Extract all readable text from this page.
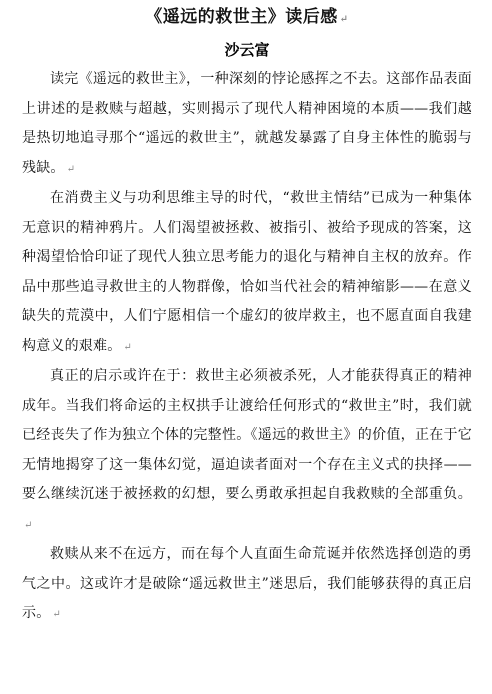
《遥远的救世主》读后感 ↵
沙云富

读完《遥远的救世主》，一种深刻的悖论感挥之不去。这部作品表面上讲述的是救赎与超越，实则揭示了现代人精神困境的本质——我们越是热切地追寻那个“遥远的救世主”，就越发暴露了自身主体性的脆弱与残缺。 ↵

在消费主义与功利思维主导的时代，“救世主情结”已成为一种集体无意识的精神鸦片。人们渴望被拯救、被指引、被给予现成的答案，这种渴望恰恰印证了现代人独立思考能力的退化与精神自主权的放弃。作品中那些追寻救世主的人物群像，恰如当代社会的精神缩影——在意义缺失的荒漠中，人们宁愿相信一个虚幻的彼岸救主，也不愿直面自我建构意义的艰难。 ↵

真正的启示或许在于：救世主必须被杀死，人才能获得真正的精神成年。当我们将命运的主权拱手让渡给任何形式的“救世主”时，我们就已经丧失了作为独立个体的完整性。《遥远的救世主》的价值，正在于它无情地揭穿了这一集体幻觉，逼迫读者面对一个存在主义式的抉择——要么继续沉迷于被拯救的幻想，要么勇敢承担起自我救赎的全部重负。↵

救赎从来不在远方，而在每个人直面生命荒诞并依然选择创造的勇气之中。这或许才是破除“遥远救世主”迷思后，我们能够获得的真正启示。 ↵
